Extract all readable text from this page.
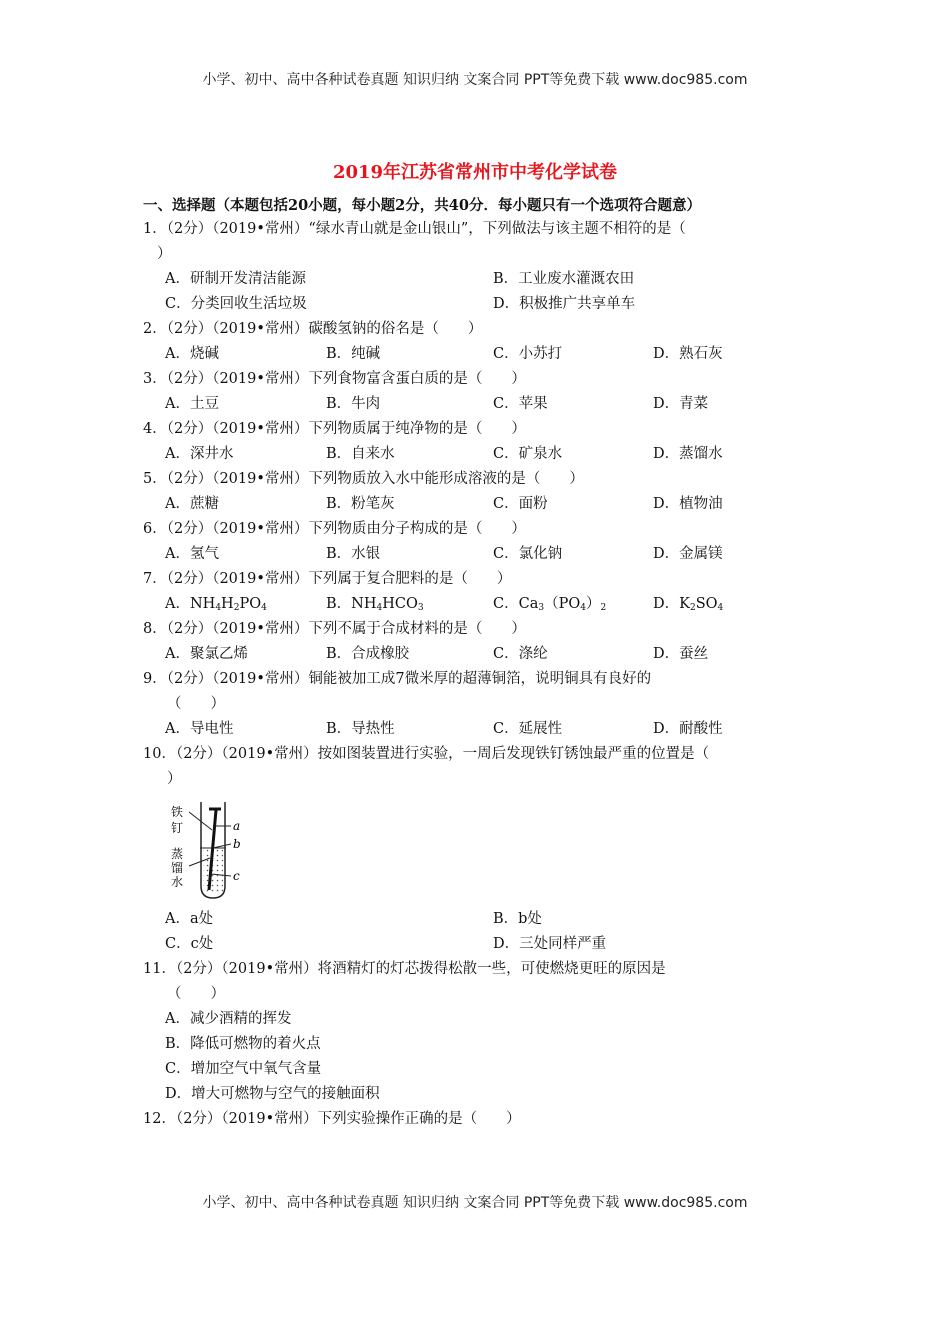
小学、初中、高中各种试卷真题 知识归纳 文案合同 PPT等免费下载 www.doc985.com
2019年江苏省常州市中考化学试卷
一、选择题（本题包括20小题，每小题2分，共40分．每小题只有一个选项符合题意）
1．（2分）（2019•常州）“绿水青山就是金山银山”，下列做法与该主题不相符的是（
）
A．研制开发清洁能源	B．工业废水灌溉农田
C．分类回收生活垃圾	D．积极推广共享单车
2．（2分）（2019•常州）碳酸氢钠的俗名是（　　）
A．烧碱	B．纯碱	C．小苏打	D．熟石灰
3．（2分）（2019•常州）下列食物富含蛋白质的是（　　）
A．土豆	B．牛肉	C．苹果	D．青菜
4．（2分）（2019•常州）下列物质属于纯净物的是（　　）
A．深井水	B．自来水	C．矿泉水	D．蒸馏水
5．（2分）（2019•常州）下列物质放入水中能形成溶液的是（　　）
A．蔗糖	B．粉笔灰	C．面粉	D．植物油
6．（2分）（2019•常州）下列物质由分子构成的是（　　）
A．氢气	B．水银	C．氯化钠	D．金属镁
7．（2分）（2019•常州）下列属于复合肥料的是（　　）
A．$NH_4H_2PO_4$	B．$NH_4HCO_3$	C．$Ca_3(PO_4)_2$	D．$K_2SO_4$
8．（2分）（2019•常州）下列不属于合成材料的是（　　）
A．聚氯乙烯	B．合成橡胶	C．涤纶	D．蚕丝
9．（2分）（2019•常州）铜能被加工成7微米厚的超薄铜箔，说明铜具有良好的
（　　）
A．导电性	B．导热性	C．延展性	D．耐酸性
10．（2分）（2019•常州）按如图装置进行实验，一周后发现铁钉锈蚀最严重的位置是（
）
铁
钉
蒸
馏
水
a
b
c
A．a处	B．b处
C．c处	D．三处同样严重
11．（2分）（2019•常州）将酒精灯的灯芯拨得松散一些，可使燃烧更旺的原因是
（　　）
A．减少酒精的挥发
B．降低可燃物的着火点
C．增加空气中氧气含量
D．增大可燃物与空气的接触面积
12．（2分）（2019•常州）下列实验操作正确的是（　　）
小学、初中、高中各种试卷真题 知识归纳 文案合同 PPT等免费下载 www.doc985.com
